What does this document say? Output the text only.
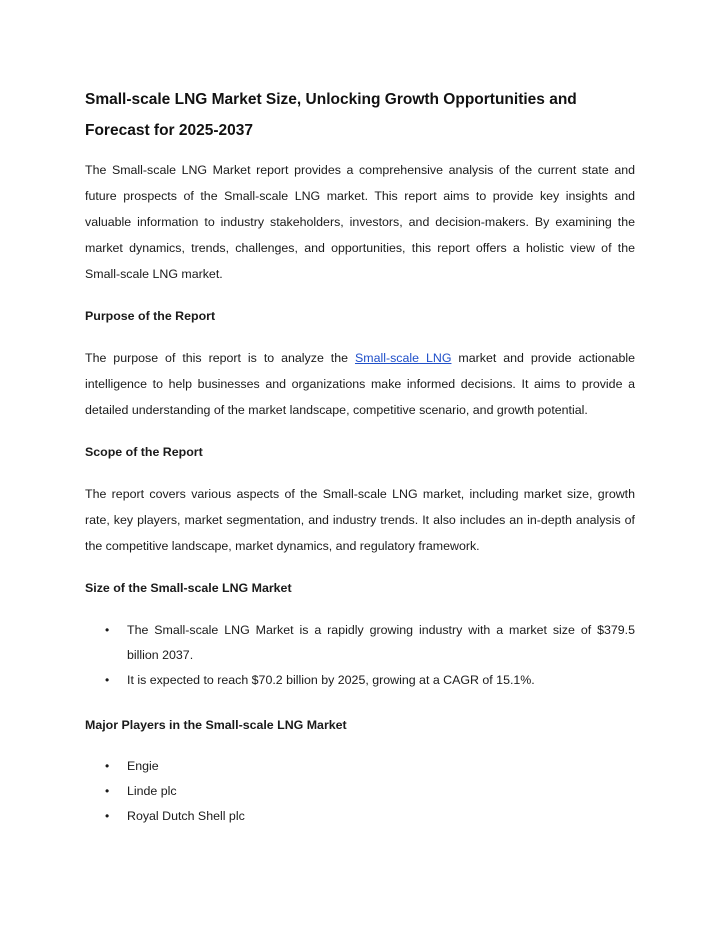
Small-scale LNG Market Size, Unlocking Growth Opportunities and Forecast for 2025-2037

The Small-scale LNG Market report provides a comprehensive analysis of the current state and future prospects of the Small-scale LNG market. This report aims to provide key insights and valuable information to industry stakeholders, investors, and decision-makers. By examining the market dynamics, trends, challenges, and opportunities, this report offers a holistic view of the Small-scale LNG market.

Purpose of the Report

The purpose of this report is to analyze the Small-scale LNG market and provide actionable intelligence to help businesses and organizations make informed decisions. It aims to provide a detailed understanding of the market landscape, competitive scenario, and growth potential.

Scope of the Report

The report covers various aspects of the Small-scale LNG market, including market size, growth rate, key players, market segmentation, and industry trends. It also includes an in-depth analysis of the competitive landscape, market dynamics, and regulatory framework.

Size of the Small-scale LNG Market
• The Small-scale LNG Market is a rapidly growing industry with a market size of $379.5 billion 2037.
• It is expected to reach $70.2 billion by 2025, growing at a CAGR of 15.1%.
Major Players in the Small-scale LNG Market
• Engie
• Linde plc
• Royal Dutch Shell plc
